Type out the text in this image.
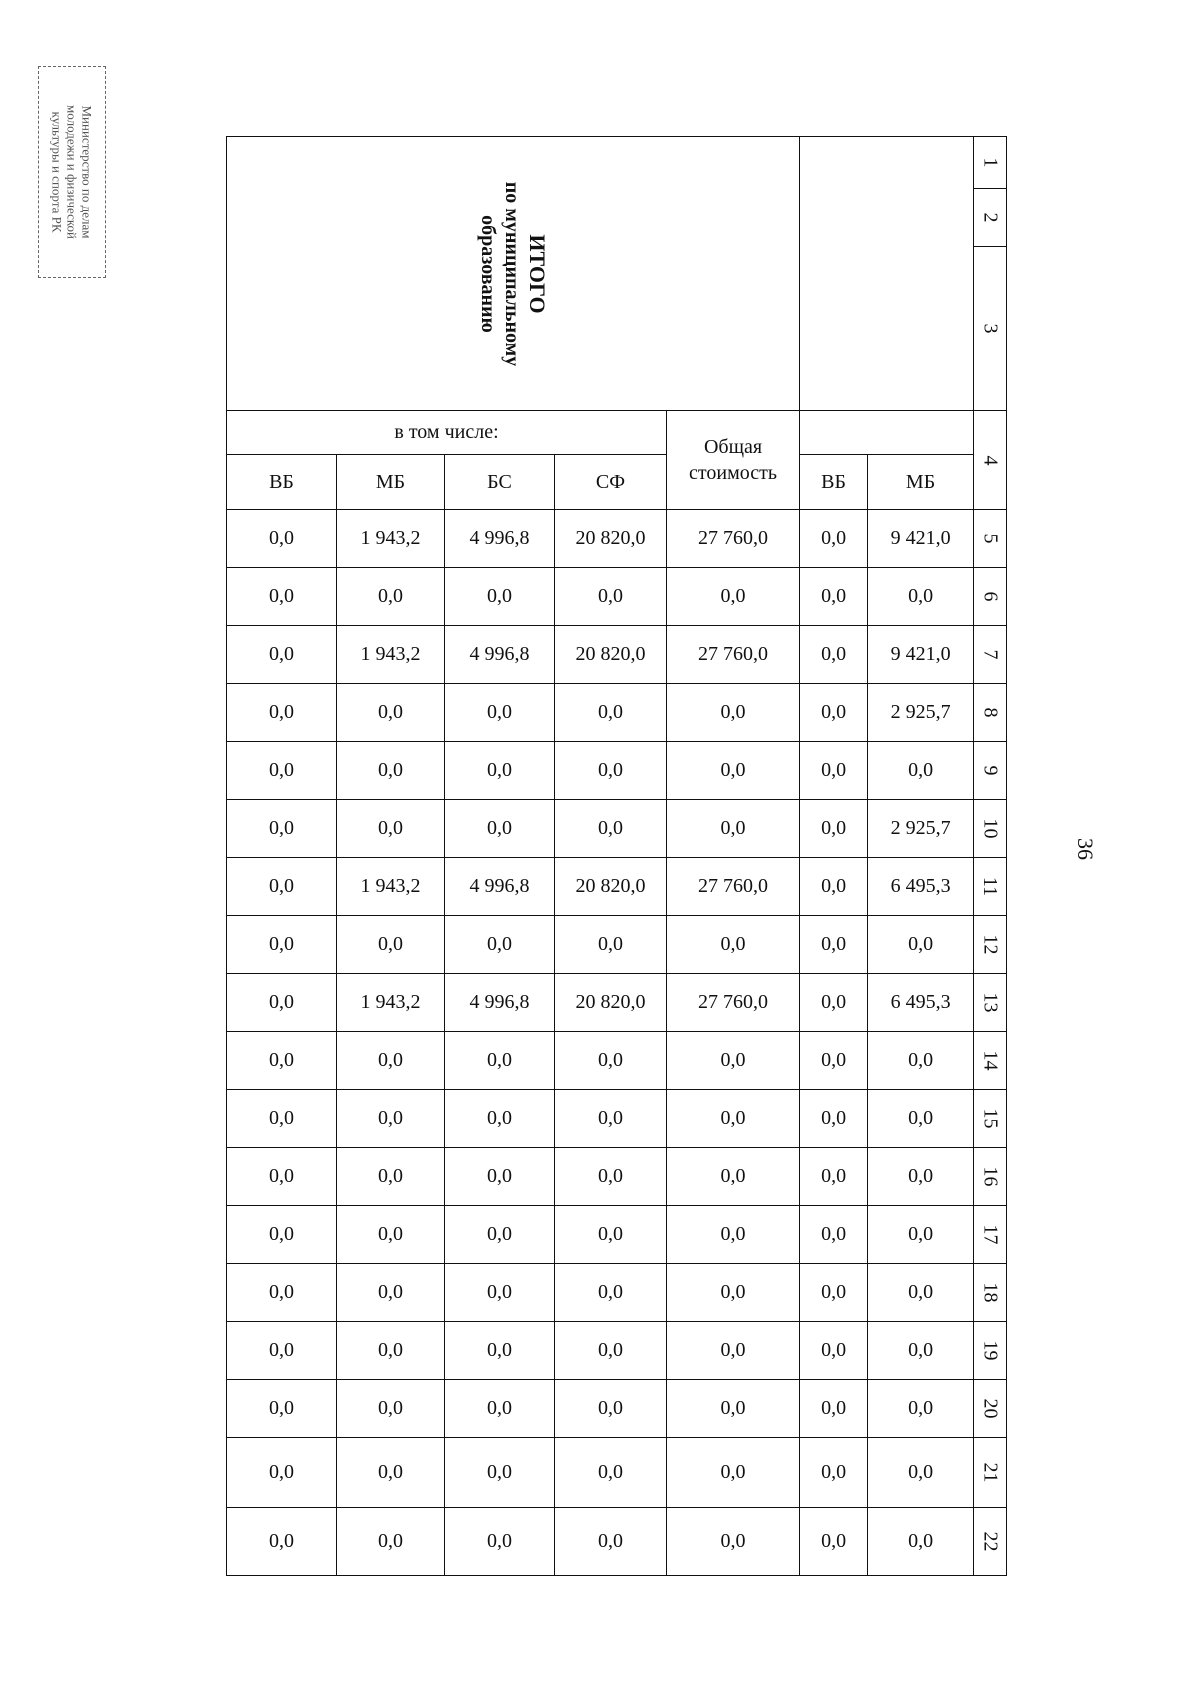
Министерство по делам
молодежи и физической
культуры и спорта РК
36
ИТОГО
по муниципальному
образованию							1
							2
							3
в том числе:				Общая стоимость			4
ВБ	МБ	БС	СФ		ВБ	МБ	
0,0	1 943,2	4 996,8	20 820,0	27 760,0	0,0	9 421,0	5
0,0	0,0	0,0	0,0	0,0	0,0	0,0	6
0,0	1 943,2	4 996,8	20 820,0	27 760,0	0,0	9 421,0	7
0,0	0,0	0,0	0,0	0,0	0,0	2 925,7	8
0,0	0,0	0,0	0,0	0,0	0,0	0,0	9
0,0	0,0	0,0	0,0	0,0	0,0	2 925,7	10
0,0	1 943,2	4 996,8	20 820,0	27 760,0	0,0	6 495,3	11
0,0	0,0	0,0	0,0	0,0	0,0	0,0	12
0,0	1 943,2	4 996,8	20 820,0	27 760,0	0,0	6 495,3	13
0,0	0,0	0,0	0,0	0,0	0,0	0,0	14
0,0	0,0	0,0	0,0	0,0	0,0	0,0	15
0,0	0,0	0,0	0,0	0,0	0,0	0,0	16
0,0	0,0	0,0	0,0	0,0	0,0	0,0	17
0,0	0,0	0,0	0,0	0,0	0,0	0,0	18
0,0	0,0	0,0	0,0	0,0	0,0	0,0	19
0,0	0,0	0,0	0,0	0,0	0,0	0,0	20
0,0	0,0	0,0	0,0	0,0	0,0	0,0	21
0,0	0,0	0,0	0,0	0,0	0,0	0,0	22
